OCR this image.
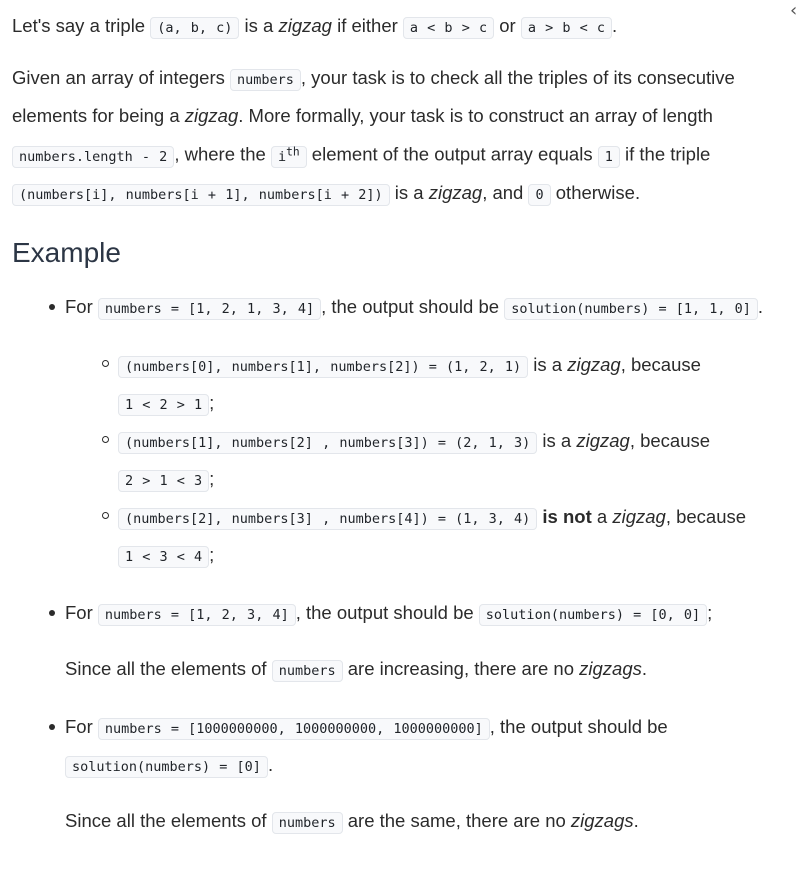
Let's say a triple (a, b, c) is a zigzag if either a < b > c or a > b < c .

Given an array of integers numbers , your task is to check all the triples of its consecutive elements for being a zigzag. More formally, your task is to construct an array of length numbers.length - 2 , where the $i^{th}$ element of the output array equals 1 if the triple (numbers[i], numbers[i + 1], numbers[i + 2]) is a zigzag, and 0 otherwise.

Example

For numbers = [1, 2, 1, 3, 4] , the output should be solution(numbers) = [1, 1, 0] .

(numbers[0], numbers[1], numbers[2]) = (1, 2, 1) is a zigzag, because 1 < 2 > 1 ;

(numbers[1], numbers[2] , numbers[3]) = (2, 1, 3) is a zigzag, because 2 > 1 < 3 ;

(numbers[2], numbers[3] , numbers[4]) = (1, 3, 4) is not a zigzag, because 1 < 3 < 4 ;

For numbers = [1, 2, 3, 4] , the output should be solution(numbers) = [0, 0] ;

Since all the elements of numbers are increasing, there are no zigzags.

For numbers = [1000000000, 1000000000, 1000000000] , the output should be solution(numbers) = [0] .

Since all the elements of numbers are the same, there are no zigzags.

‹
